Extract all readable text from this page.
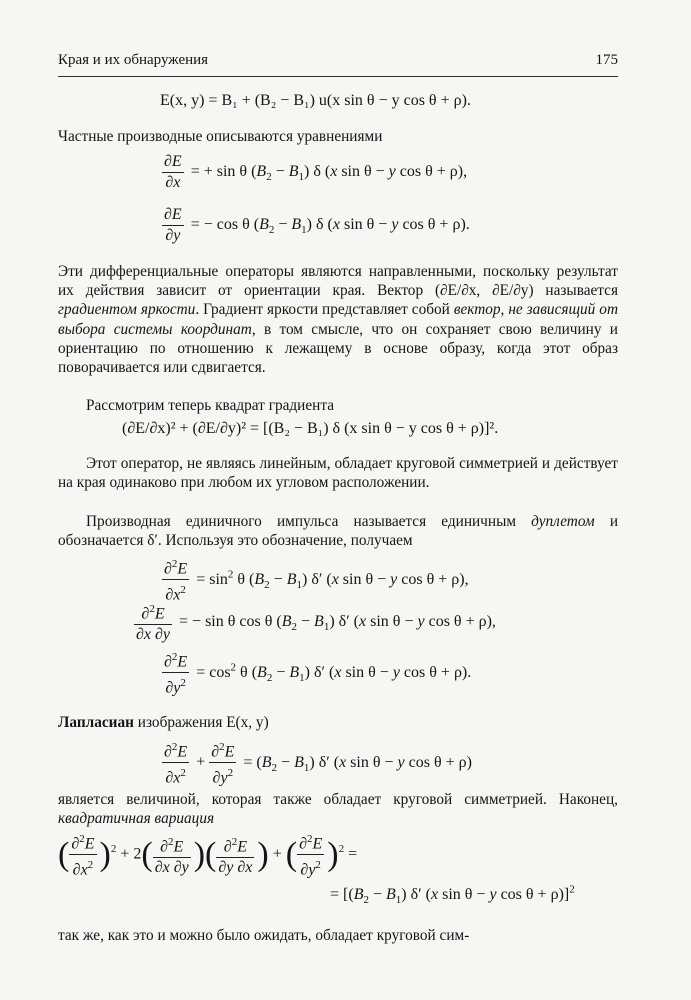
Края и их обнаружения	175
E(x, y) = B₁ + (B₂ − B₁) u(x sin θ − y cos θ + ρ).
Частные производные описываются уравнениями
$\frac{\partial E}{\partial x}$ = + sin θ $(B_2 - B_1)$ δ (x sin θ − y cos θ + ρ),
$\frac{\partial E}{\partial y}$ = − cos θ $(B_2 - B_1)$ δ (x sin θ − y cos θ + ρ).
Эти дифференциальные операторы являются направленными, поскольку результат их действия зависит от ориентации края. Вектор (∂E/∂x, ∂E/∂y) называется градиентом яркости. Градиент яркости представляет собой вектор, не зависящий от выбора системы координат, в том смысле, что он сохраняет свою величину и ориентацию по отношению к лежащему в основе образу, когда этот образ поворачивается или сдвигается.
Рассмотрим теперь квадрат градиента
(∂E/∂x)² + (∂E/∂y)² = [(B₂ − B₁) δ (x sin θ − y cos θ + ρ)]².
Этот оператор, не являясь линейным, обладает круговой симметрией и действует на края одинаково при любом их угловом расположении.
Производная единичного импульса называется единичным дуплетом и обозначается δ′. Используя это обозначение, получаем
$\frac{\partial^2E}{\partial x^2} = \sin^2 \theta$ $(B_2 - B_1)$ δ′ (x sin θ − y cos θ + ρ),
$\frac{\partial^2E}{\partial x \partial y}$ = − sin θ cos θ $(B_2 - B_1)$ δ′ (x sin θ − y cos θ + ρ),
$\frac{\partial^2E}{\partial y^2} = \cos^2 \theta$ $(B_2 - B_1)$ δ′ (x sin θ − y cos θ + ρ).
Лапласиан изображения E(x, y)
$\frac{\partial^2E}{\partial x^2} + \frac{\partial^2E}{\partial y^2} = (B_2 - B_1)$ δ′ (x sin θ − y cos θ + ρ)
является величиной, которая также обладает круговой симметрией. Наконец, квадратичная вариация
( $\frac{\partial^2E}{\partial x^2} )^2 + 2( \frac{\partial^2E}{\partial x \partial y}$ )( $\frac{\partial^2E}{\partial y \partial x}$ ) + ( $\frac{\partial^2E}{\partial y^2} )^2$ =
= [$(B_2 - B_1)$ δ′ (x sin θ − y cos θ + ρ)]$^2$
так же, как это и можно было ожидать, обладает круговой сим-
